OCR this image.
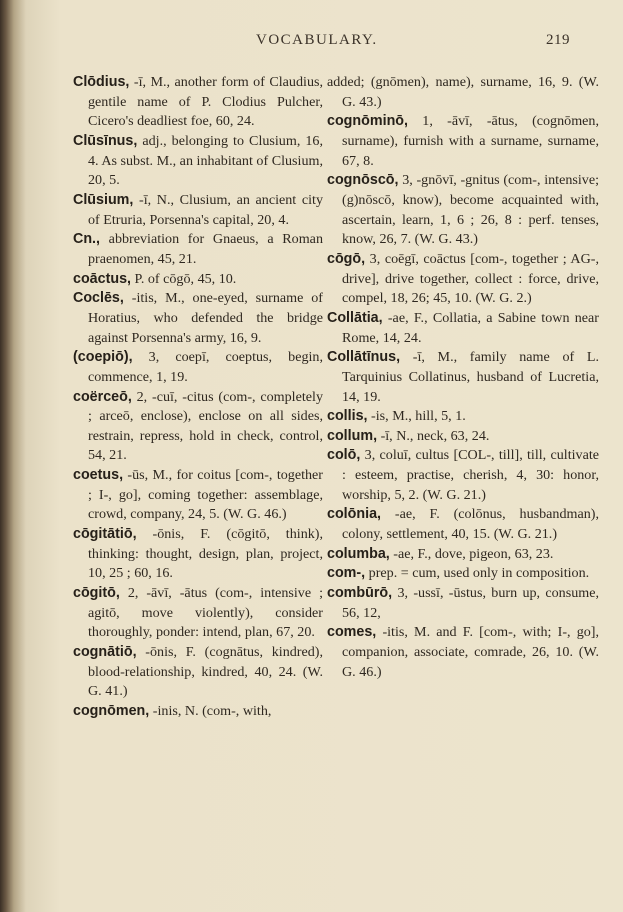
VOCABULARY.	219

Clōdius, -ī, M., another form of Claudius, gentile name of P. Clodius Pulcher, Cicero's deadliest foe, 60, 24.

Clūsīnus, adj., belonging to Clusium, 16, 4. As subst. M., an inhabitant of Clusium, 20, 5.

Clūsium, -ī, N., Clusium, an ancient city of Etruria, Porsenna's capital, 20, 4.

Cn., abbreviation for Gnaeus, a Roman praenomen, 45, 21.

coāctus, P. of cōgō, 45, 10.

Coclēs, -itis, M., one-eyed, surname of Horatius, who defended the bridge against Porsenna's army, 16, 9.

(coepiō), 3, coepī, coeptus, begin, commence, 1, 19.

coërceō, 2, -cuī, -citus (com-, completely ; arceō, enclose), enclose on all sides, restrain, repress, hold in check, control, 54, 21.

coetus, -ūs, M., for coitus [com-, together ; I-, go], coming together: assemblage, crowd, company, 24, 5. (W. G. 46.)

cōgitātiō, -ōnis, F. (cōgitō, think), thinking: thought, design, plan, project, 10, 25 ; 60, 16.

cōgitō, 2, -āvī, -ātus (com-, intensive ; agitō, move violently), consider thoroughly, ponder: intend, plan, 67, 20.

cognātiō, -ōnis, F. (cognātus, kindred), blood-relationship, kindred, 40, 24. (W. G. 41.)

cognōmen, -inis, N. (com-, with,

added; (gnōmen), name), surname, 16, 9. (W. G. 43.)

cognōminō, 1, -āvī, -ātus, (cognōmen, surname), furnish with a surname, surname, 67, 8.

cognōscō, 3, -gnōvī, -gnitus (com-, intensive; (g)nōscō, know), become acquainted with, ascertain, learn, 1, 6 ; 26, 8 : perf. tenses, know, 26, 7. (W. G. 43.)

cōgō, 3, coēgī, coāctus [com-, together ; AG-, drive], drive together, collect : force, drive, compel, 18, 26; 45, 10. (W. G. 2.)

Collātia, -ae, F., Collatia, a Sabine town near Rome, 14, 24.

Collātīnus, -ī, M., family name of L. Tarquinius Collatinus, husband of Lucretia, 14, 19.

collis, -is, M., hill, 5, 1.

collum, -ī, N., neck, 63, 24.

colō, 3, coluī, cultus [COL-, till], till, cultivate : esteem, practise, cherish, 4, 30: honor, worship, 5, 2. (W. G. 21.)

colōnia, -ae, F. (colōnus, husbandman), colony, settlement, 40, 15. (W. G. 21.)

columba, -ae, F., dove, pigeon, 63, 23.

com-, prep. = cum, used only in composition.

combūrō, 3, -ussī, -ūstus, burn up, consume, 56, 12,

comes, -itis, M. and F. [com-, with; I-, go], companion, associate, comrade, 26, 10. (W. G. 46.)
